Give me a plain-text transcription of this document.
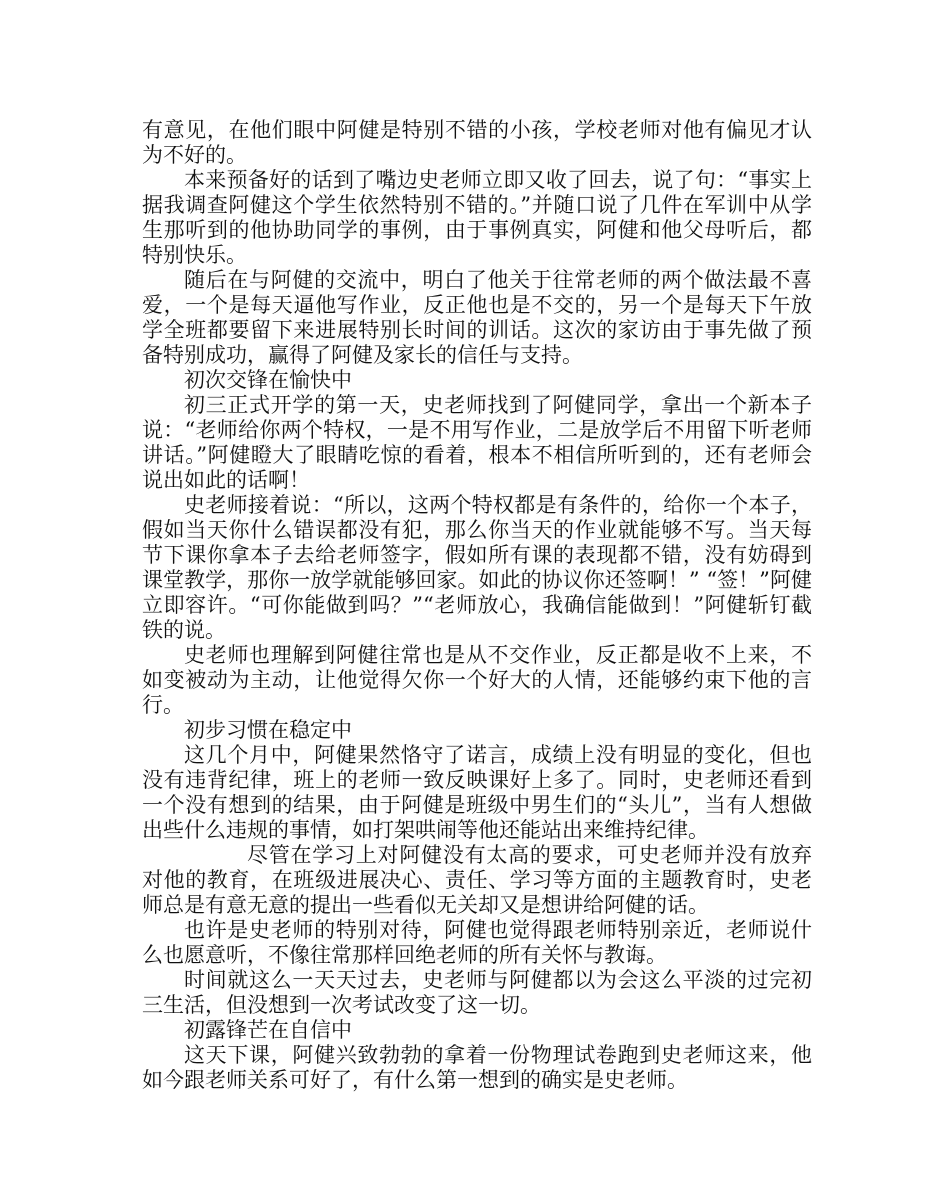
有意见，在他们眼中阿健是特别不错的小孩，学校老师对他有偏见才认为不好的。

本来预备好的话到了嘴边史老师立即又收了回去，说了句：“事实上据我调查阿健这个学生依然特别不错的。”并随口说了几件在军训中从学生那听到的他协助同学的事例，由于事例真实，阿健和他父母听后，都特别快乐。

随后在与阿健的交流中，明白了他关于往常老师的两个做法最不喜爱，一个是每天逼他写作业，反正他也是不交的，另一个是每天下午放学全班都要留下来进展特别长时间的训话。这次的家访由于事先做了预备特别成功，赢得了阿健及家长的信任与支持。

初次交锋在愉快中

初三正式开学的第一天，史老师找到了阿健同学，拿出一个新本子说：“老师给你两个特权，一是不用写作业，二是放学后不用留下听老师讲话。”阿健瞪大了眼睛吃惊的看着，根本不相信所听到的，还有老师会说出如此的话啊！

史老师接着说：“所以，这两个特权都是有条件的，给你一个本子，假如当天你什么错误都没有犯，那么你当天的作业就能够不写。当天每节下课你拿本子去给老师签字，假如所有课的表现都不错，没有妨碍到课堂教学，那你一放学就能够回家。如此的协议你还签啊！” “签！”阿健立即容许。“可你能做到吗？”“老师放心，我确信能做到！”阿健斩钉截铁的说。

史老师也理解到阿健往常也是从不交作业，反正都是收不上来，不如变被动为主动，让他觉得欠你一个好大的人情，还能够约束下他的言行。

初步习惯在稳定中

这几个月中，阿健果然恪守了诺言，成绩上没有明显的变化，但也没有违背纪律，班上的老师一致反映课好上多了。同时，史老师还看到一个没有想到的结果，由于阿健是班级中男生们的“头儿”，当有人想做出些什么违规的事情，如打架哄闹等他还能站出来维持纪律。

尽管在学习上对阿健没有太高的要求，可史老师并没有放弃对他的教育，在班级进展决心、责任、学习等方面的主题教育时，史老师总是有意无意的提出一些看似无关却又是想讲给阿健的话。

也许是史老师的特别对待，阿健也觉得跟老师特别亲近，老师说什么也愿意听，不像往常那样回绝老师的所有关怀与教诲。

时间就这么一天天过去，史老师与阿健都以为会这么平淡的过完初三生活，但没想到一次考试改变了这一切。

初露锋芒在自信中

这天下课，阿健兴致勃勃的拿着一份物理试卷跑到史老师这来，他如今跟老师关系可好了，有什么第一想到的确实是史老师。
